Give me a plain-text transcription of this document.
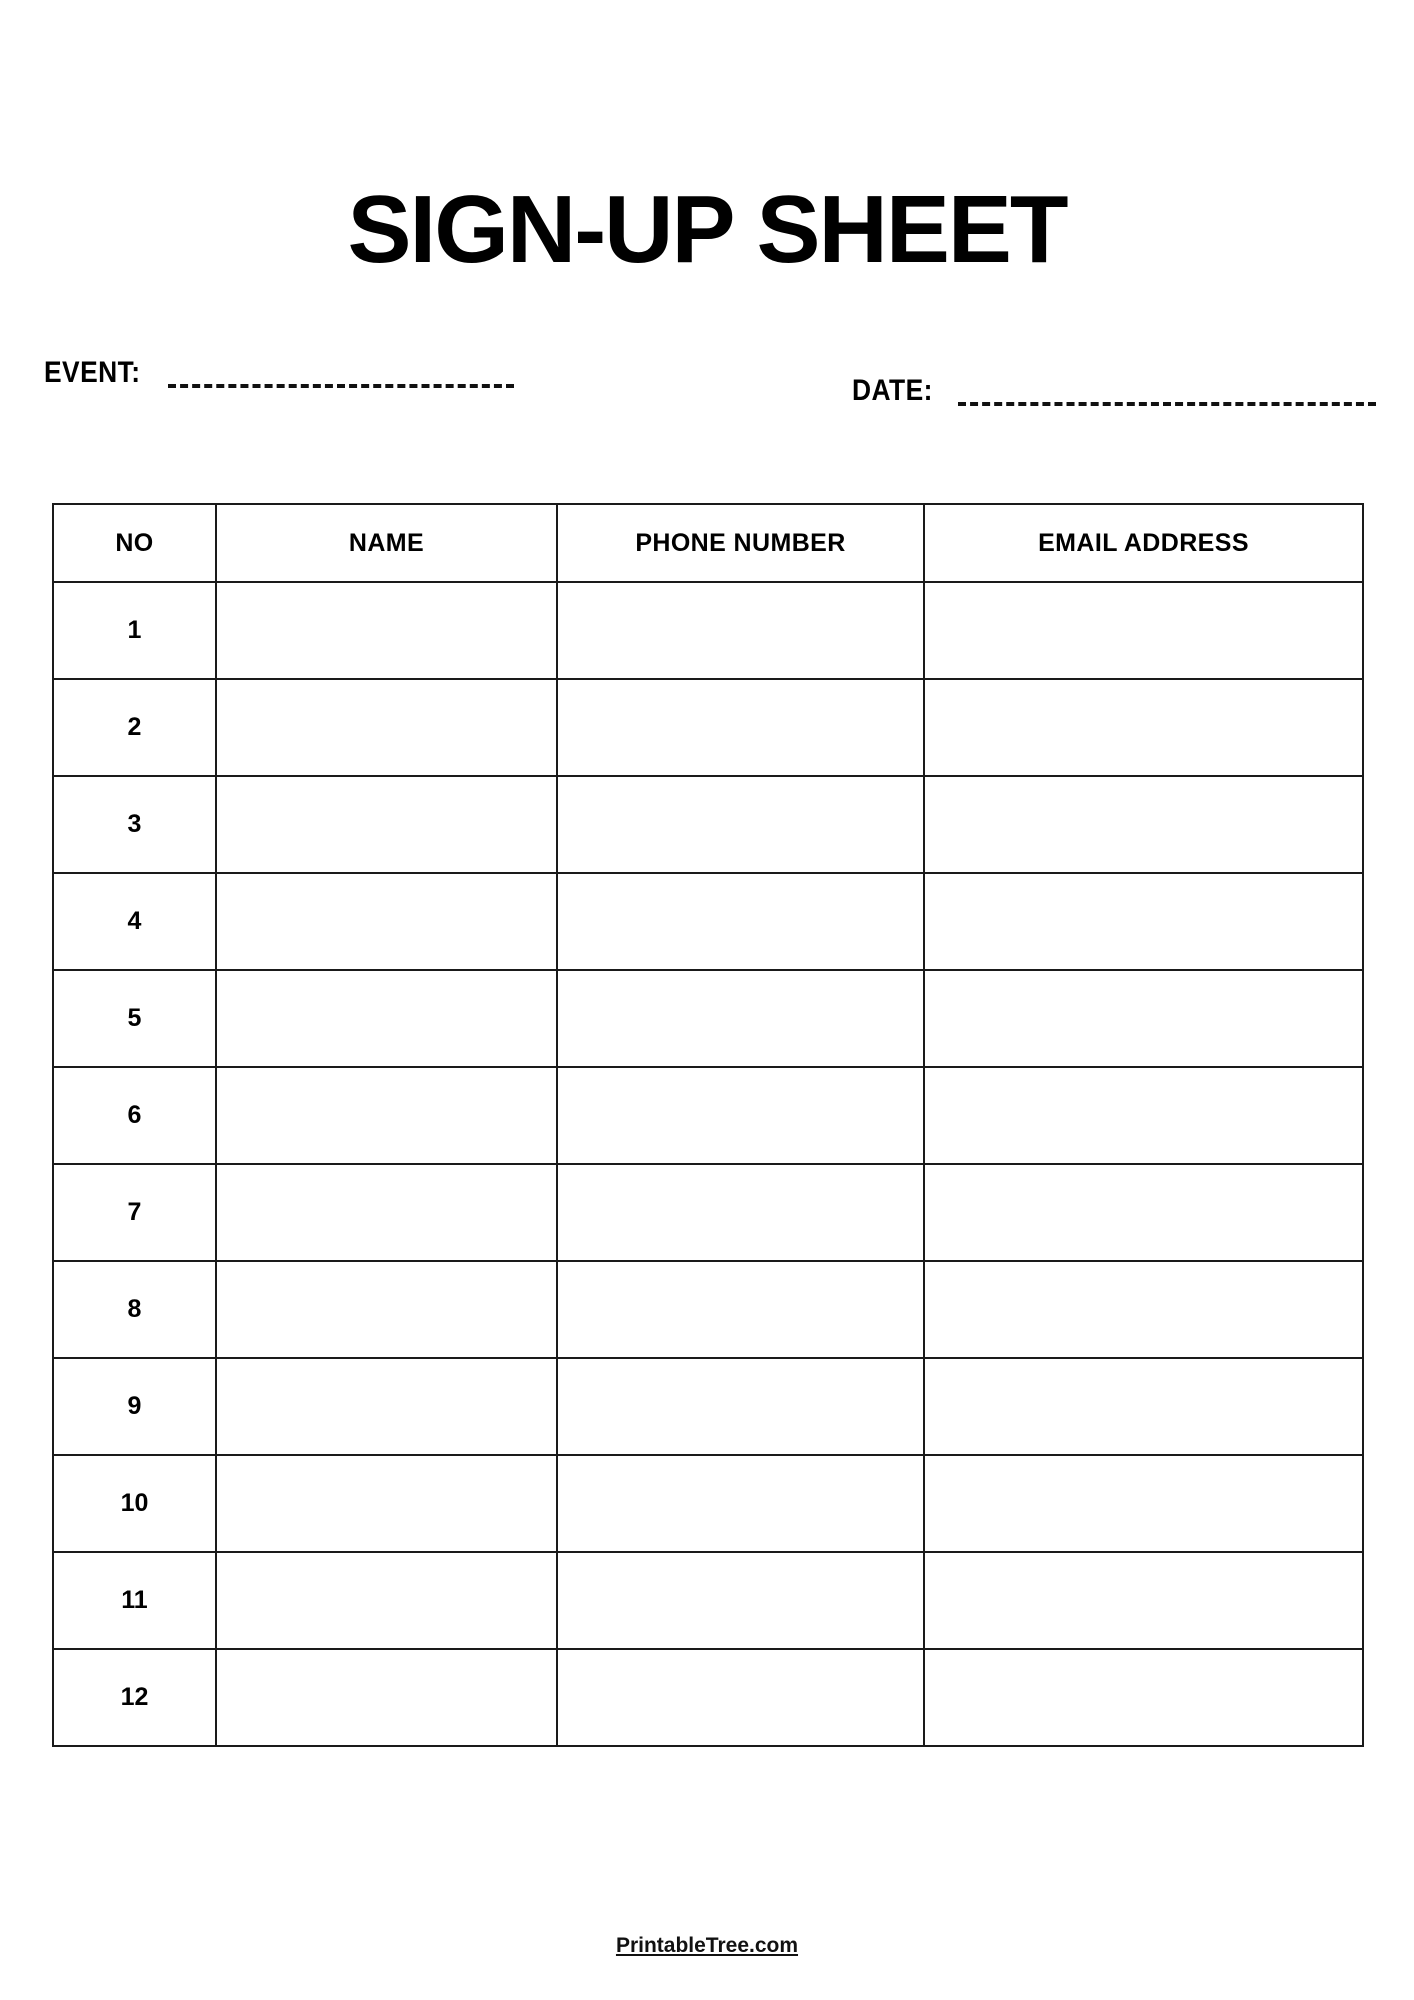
SIGN-UP SHEET
EVENT:
DATE:
NO	NAME	PHONE NUMBER	EMAIL ADDRESS
1			
2			
3			
4			
5			
6			
7			
8			
9			
10			
11			
12			
PrintableTree.com
